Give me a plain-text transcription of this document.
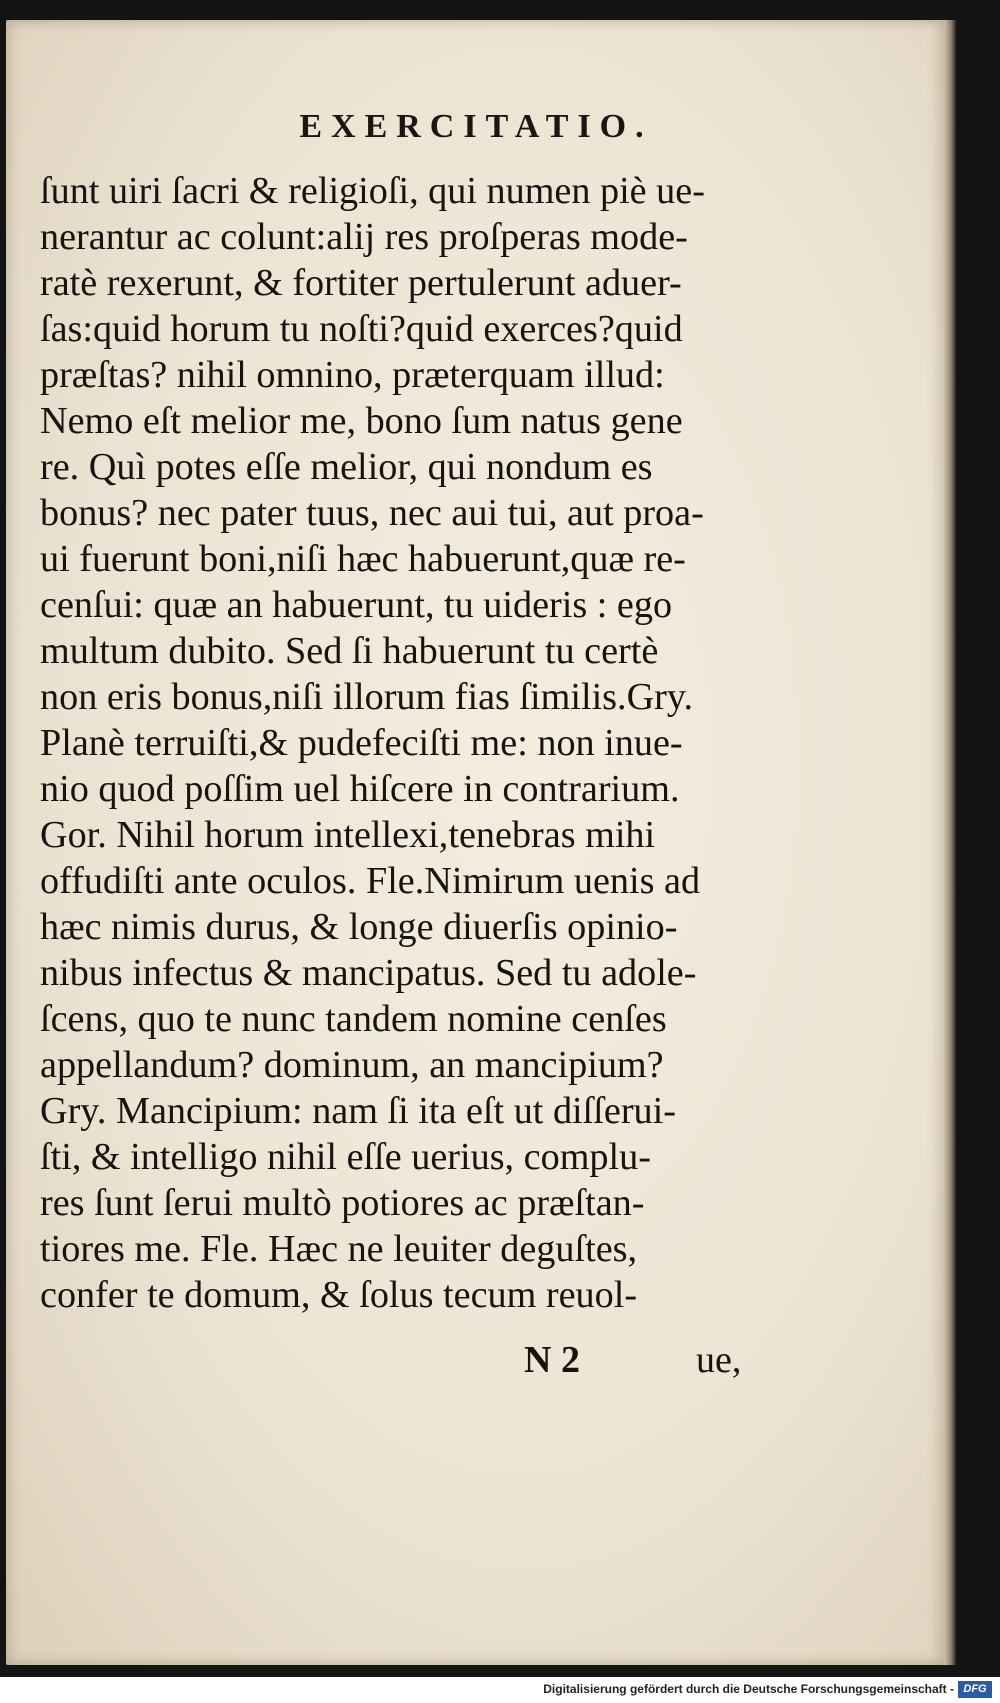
EXERCITATIO.
ſunt uiri ſacri & religioſi, qui numen piè ue-
nerantur ac colunt:alij res proſperas mode-
ratè rexerunt, & fortiter pertulerunt aduer-
ſas:quid horum tu noſti?quid exerces?quid
præſtas? nihil omnino, præterquam illud:
Nemo eſt melior me, bono ſum natus gene
re. Quì potes eſſe melior, qui nondum es
bonus? nec pater tuus, nec aui tui, aut proa-
ui fuerunt boni,niſi hæc habuerunt,quæ re-
cenſui: quæ an habuerunt, tu uideris : ego
multum dubito. Sed ſi habuerunt tu certè
non eris bonus,niſi illorum fias ſimilis.Gry.
Planè terruiſti,& pudefeciſti me: non inue-
nio quod poſſim uel hiſcere in contrarium.
Gor. Nihil horum intellexi,tenebras mihi
offudiſti ante oculos. Fle.Nimirum uenis ad
hæc nimis durus, & longe diuerſis opinio-
nibus infectus & mancipatus. Sed tu adole-
ſcens, quo te nunc tandem nomine cenſes
appellandum? dominum, an mancipium?
Gry. Mancipium: nam ſi ita eſt ut diſſerui-
ſti, & intelligo nihil eſſe uerius, complu-
res ſunt ſerui multò potiores ac præſtan-
tiores me. Fle. Hæc ne leuiter deguſtes,
confer te domum, & ſolus tecum reuol-
N 2	ue,
Digitalisierung gefördert durch die Deutsche Forschungsgemeinschaft - DFG
